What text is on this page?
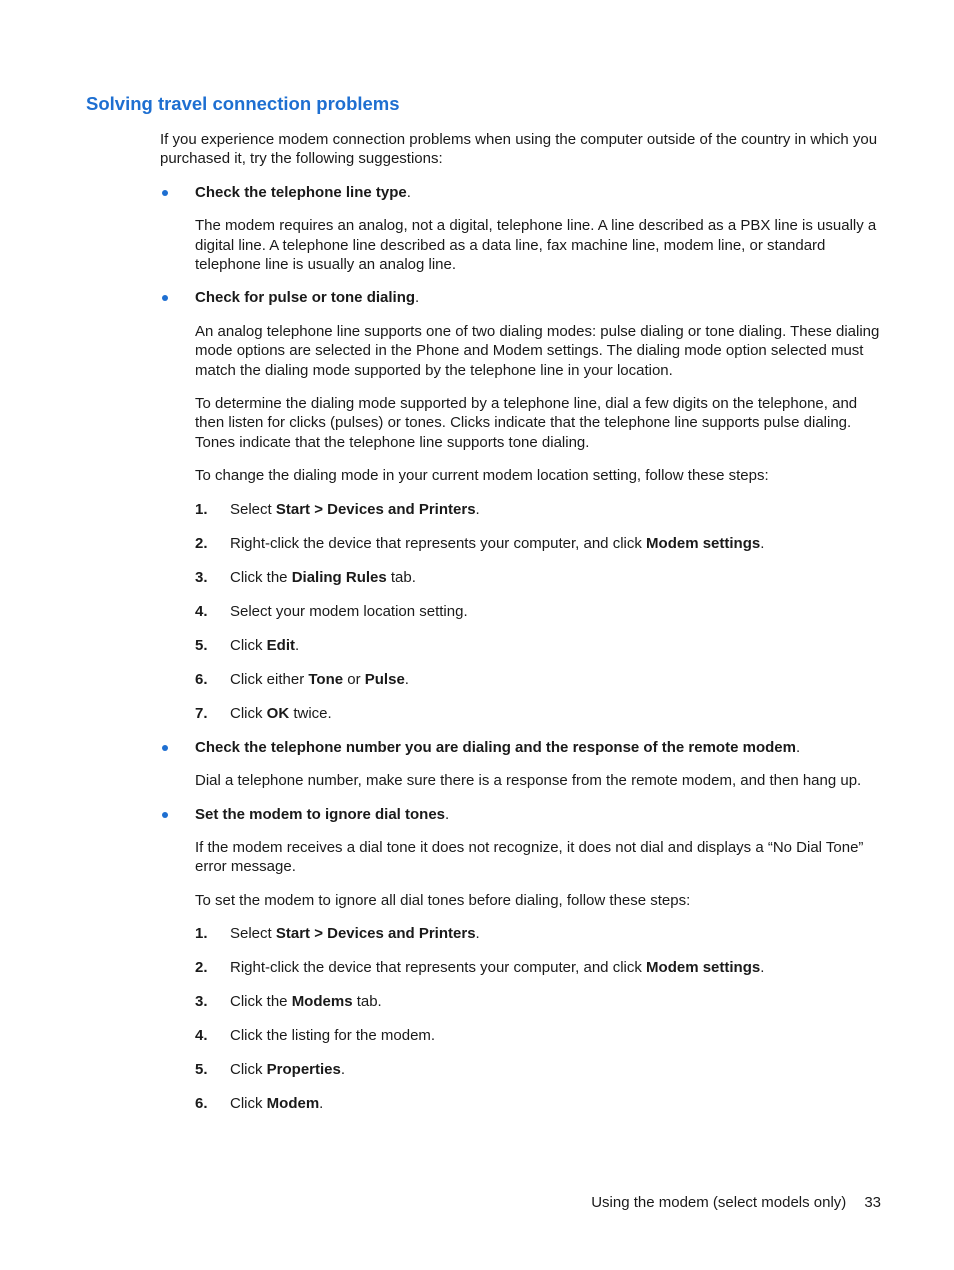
Solving travel connection problems

If you experience modem connection problems when using the computer outside of the country in which you purchased it, try the following suggestions:

Check the telephone line type.

The modem requires an analog, not a digital, telephone line. A line described as a PBX line is usually a digital line. A telephone line described as a data line, fax machine line, modem line, or standard telephone line is usually an analog line.

Check for pulse or tone dialing.

An analog telephone line supports one of two dialing modes: pulse dialing or tone dialing. These dialing mode options are selected in the Phone and Modem settings. The dialing mode option selected must match the dialing mode supported by the telephone line in your location.

To determine the dialing mode supported by a telephone line, dial a few digits on the telephone, and then listen for clicks (pulses) or tones. Clicks indicate that the telephone line supports pulse dialing. Tones indicate that the telephone line supports tone dialing.

To change the dialing mode in your current modem location setting, follow these steps:

1. Select Start > Devices and Printers.
2. Right-click the device that represents your computer, and click Modem settings.
3. Click the Dialing Rules tab.
4. Select your modem location setting.
5. Click Edit.
6. Click either Tone or Pulse.
7. Click OK twice.
Check the telephone number you are dialing and the response of the remote modem.

Dial a telephone number, make sure there is a response from the remote modem, and then hang up.

Set the modem to ignore dial tones.

If the modem receives a dial tone it does not recognize, it does not dial and displays a “No Dial Tone” error message.

To set the modem to ignore all dial tones before dialing, follow these steps:

1. Select Start > Devices and Printers.
2. Right-click the device that represents your computer, and click Modem settings.
3. Click the Modems tab.
4. Click the listing for the modem.
5. Click Properties.
6. Click Modem.
Using the modem (select models only) 33
